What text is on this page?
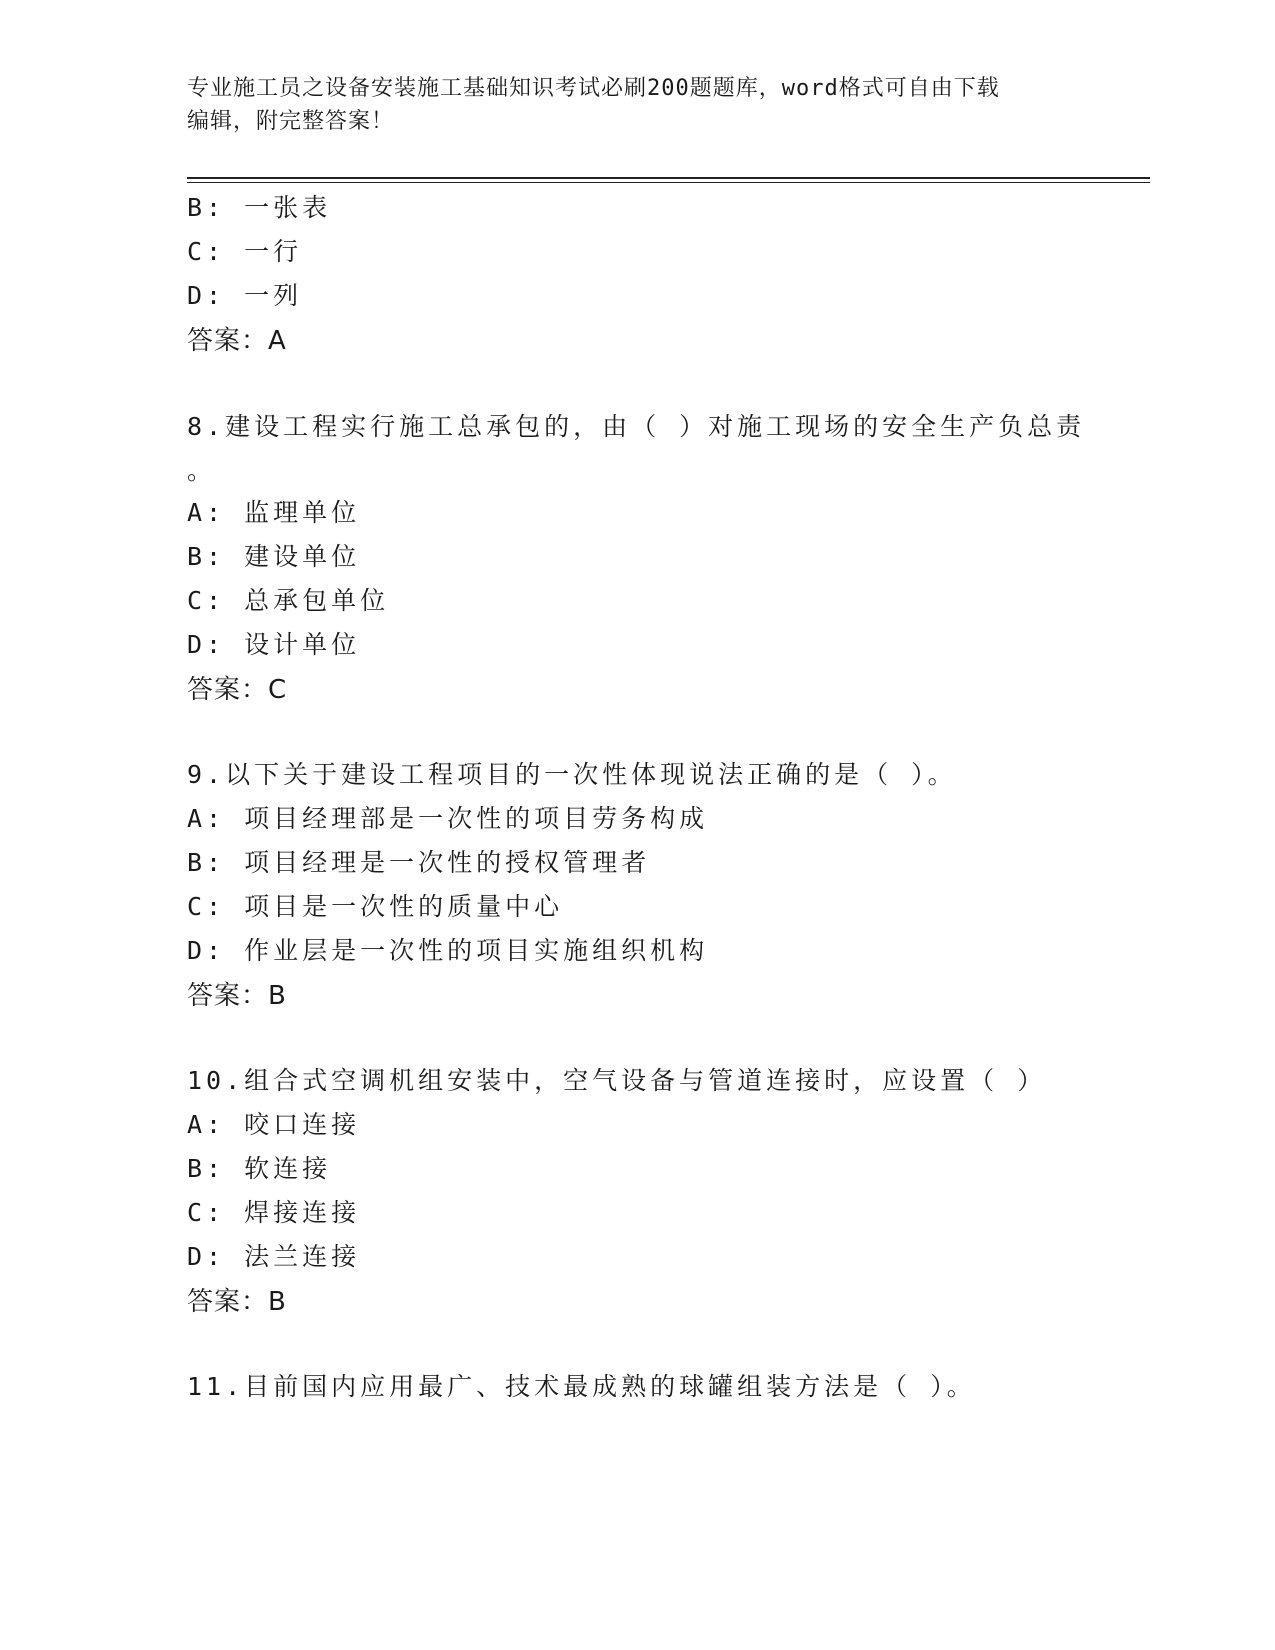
专业施工员之设备安装施工基础知识考试必刷200题题库，word格式可自由下载
编辑，附完整答案！
B: 一张表
C: 一行
D: 一列
答案：A
8.建设工程实行施工总承包的，由（ ）对施工现场的安全生产负总责
。
A: 监理单位
B: 建设单位
C: 总承包单位
D: 设计单位
答案：C
9.以下关于建设工程项目的一次性体现说法正确的是（ ）。
A: 项目经理部是一次性的项目劳务构成
B: 项目经理是一次性的授权管理者
C: 项目是一次性的质量中心
D: 作业层是一次性的项目实施组织机构
答案：B
10.组合式空调机组安装中，空气设备与管道连接时，应设置（ ）
A: 咬口连接
B: 软连接
C: 焊接连接
D: 法兰连接
答案：B
11.目前国内应用最广、技术最成熟的球罐组装方法是（ ）。
